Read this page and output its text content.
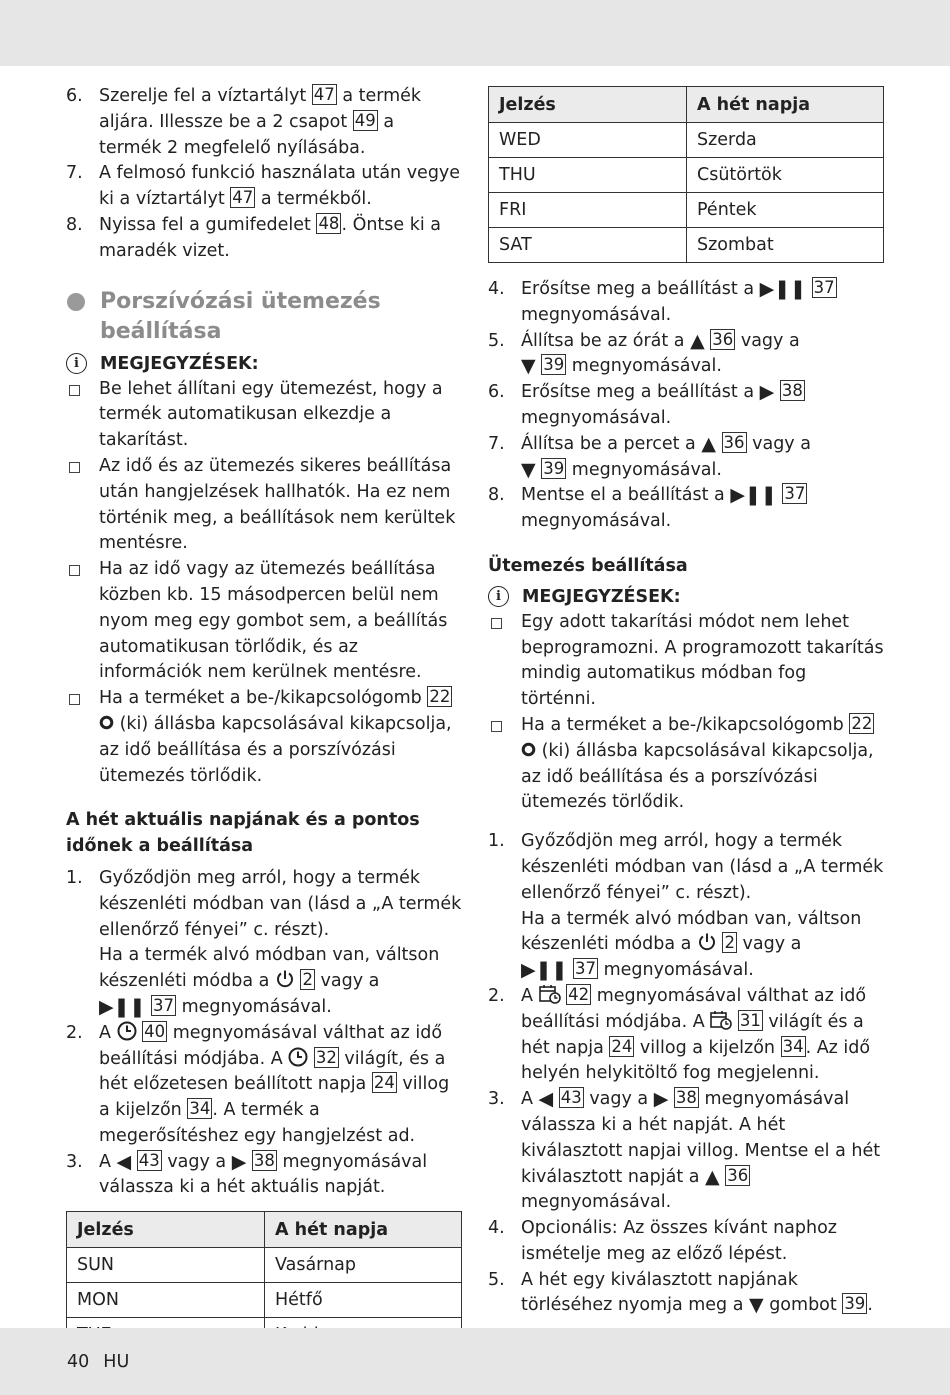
6. Szerelje fel a víztartályt 47 a termék aljára. Illessze be a 2 csapot 49 a termék 2 megfelelő nyílásába.
7. A felmosó funkció használata után vegye ki a víztartályt 47 a termékből.
8. Nyissa fel a gumifedelet 48 . Öntse ki a maradék vizet.
Porszívózási ütemezés
beállítása
i	MEGJEGYZÉSEK:
Be lehet állítani egy ütemezést, hogy a termék automatikusan elkezdje a takarítást.
Az idő és az ütemezés sikeres beállítása után hangjelzések hallhatók. Ha ez nem történik meg, a beállítások nem kerültek mentésre.
Ha az idő vagy az ütemezés beállítása közben kb. 15 másodpercen belül nem nyom meg egy gombot sem, a beállítás automatikusan törlődik, és az információk nem kerülnek mentésre.
Ha a terméket a be-/kikapcsológomb 22  (ki) állásba kapcsolásával kikapcsolja, az idő beállítása és a porszívózási ütemezés törlődik.
A hét aktuális napjának és a pontos
időnek a beállítása
1. Győződjön meg arról, hogy a termék készenléti módban van (lásd a „A termék ellenőrző fényei” c. részt).
Ha a termék alvó módban van, váltson készenléti módba a  2 vagy a
▶❚❚ 37 megnyomásával.
2. A  40 megnyomásával válthat az idő beállítási módjába. A  32 világít, és a hét előzetesen beállított napja 24 villog a kijelzőn 34 . A termék a megerősítéshez egy hangjelzést ad.
3. A ◀ 43 vagy a ▶ 38 megnyomásával válassza ki a hét aktuális napját.
Jelzés	A hét napja
SUN	Vasárnap
MON	Hétfő

Jelzés	A hét napja
WED	Szerda
THU	Csütörtök
FRI	Péntek
SAT	Szombat
4. Erősítse meg a beállítást a ▶❚❚ 37
megnyomásával.
5. Állítsa be az órát a ▲ 36 vagy a
▼ 39 megnyomásával.
6. Erősítse meg a beállítást a ▶ 38
megnyomásával.
7. Állítsa be a percet a ▲ 36 vagy a
▼ 39 megnyomásával.
8. Mentse el a beállítást a ▶❚❚ 37
megnyomásával.
Ütemezés beállítása
i	MEGJEGYZÉSEK:
Egy adott takarítási módot nem lehet beprogramozni. A programozott takarítás mindig automatikus módban fog történni.
Ha a terméket a be-/kikapcsológomb 22  (ki) állásba kapcsolásával kikapcsolja, az idő beállítása és a porszívózási ütemezés törlődik.
1. Győződjön meg arról, hogy a termék készenléti módban van (lásd a „A termék ellenőrző fényei” c. részt).
Ha a termék alvó módban van, váltson készenléti módba a  2 vagy a
▶❚❚ 37 megnyomásával.
2. A  42 megnyomásával válthat az idő beállítási módjába. A  31 világít és a hét napja 24 villog a kijelzőn 34 . Az idő helyén helykitöltő fog megjelenni.
3. A ◀ 43 vagy a ▶ 38 megnyomásával válassza ki a hét napját. A hét kiválasztott napjai villog. Mentse el a hét kiválasztott napját a ▲ 36 megnyomásával.
4. Opcionális: Az összes kívánt naphoz ismételje meg az előző lépést.
5. A hét egy kiválasztott napjának törléséhez nyomja meg a ▼ gombot 39 .
40 HU
